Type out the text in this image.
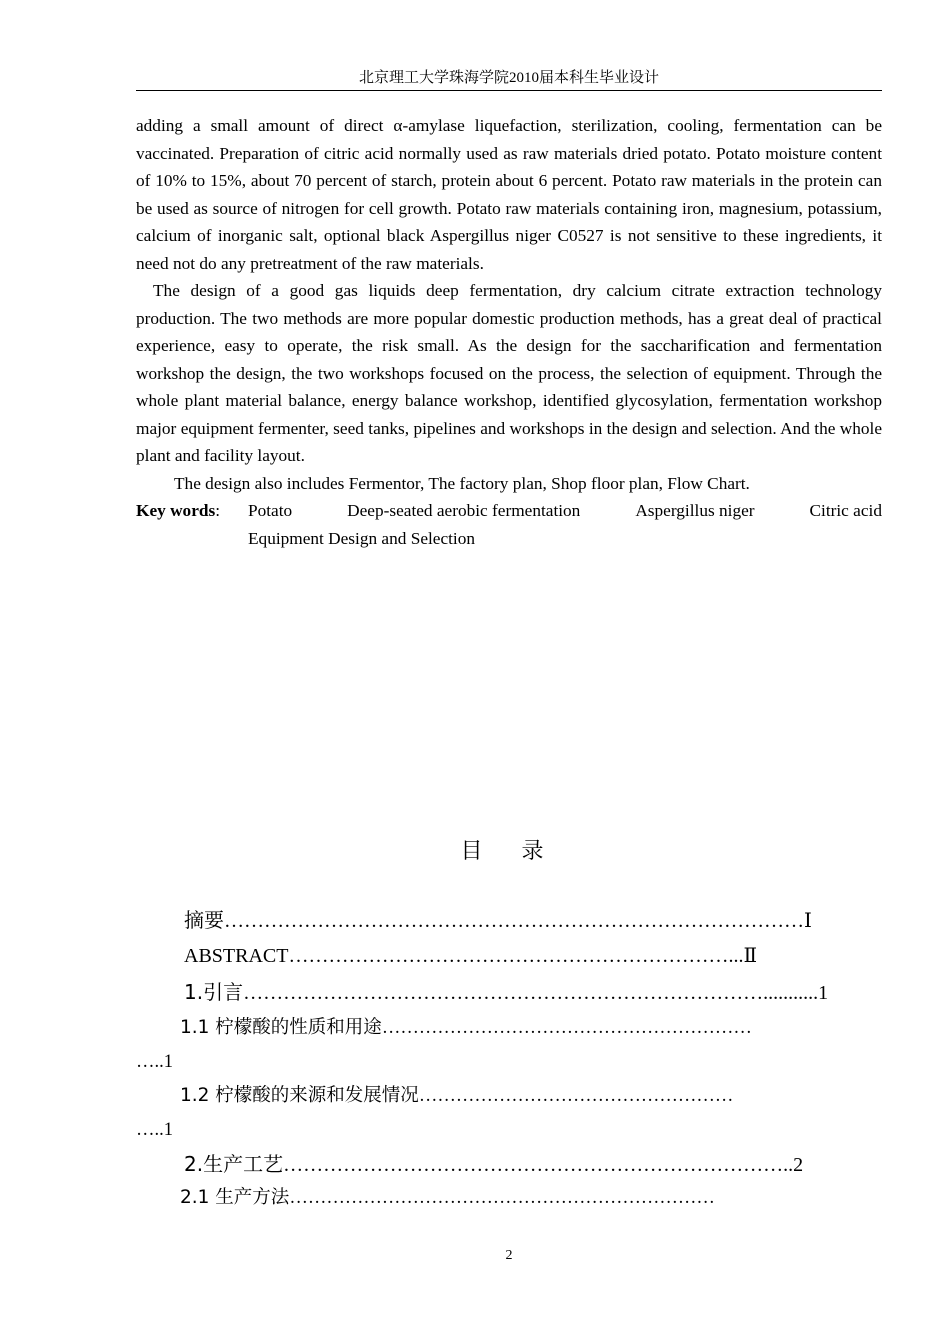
北京理工大学珠海学院2010届本科生毕业设计

adding a small amount of direct α-amylase liquefaction, sterilization, cooling, fermentation can be vaccinated. Preparation of citric acid normally used as raw materials dried potato. Potato moisture content of 10% to 15%, about 70 percent of starch, protein about 6 percent. Potato raw materials in the protein can be used as source of nitrogen for cell growth. Potato raw materials containing iron, magnesium, potassium, calcium of inorganic salt, optional black Aspergillus niger C0527 is not sensitive to these ingredients, it need not do any pretreatment of the raw materials.

The design of a good gas liquids deep fermentation, dry calcium citrate extraction technology production. The two methods are more popular domestic production methods, has a great deal of practical experience, easy to operate, the risk small. As the design for the saccharification and fermentation workshop the design, the two workshops focused on the process, the selection of equipment. Through the whole plant material balance, energy balance workshop, identified glycosylation, fermentation workshop major equipment fermenter, seed tanks, pipelines and workshops in the design and selection. And the whole plant and facility layout.

The design also includes Fermentor, The factory plan, Shop floor plan, Flow Chart.

Key words:	Potato	Deep-seated aerobic fermentation	Aspergillus niger	Citric acid

Equipment Design and Selection

目 录
摘要……………………………………………………………………………Ⅰ
ABSTRACT…………………………………………………………...Ⅱ
1.引言……………………………………………………………………...........1
1.1 柠檬酸的性质和用途……………………………………………………
…..1
1.2 柠檬酸的来源和发展情况……………………………………………
…..1
2.生产工艺…………………………………………………………………..2
2.1 生产方法……………………………………………………………
2
